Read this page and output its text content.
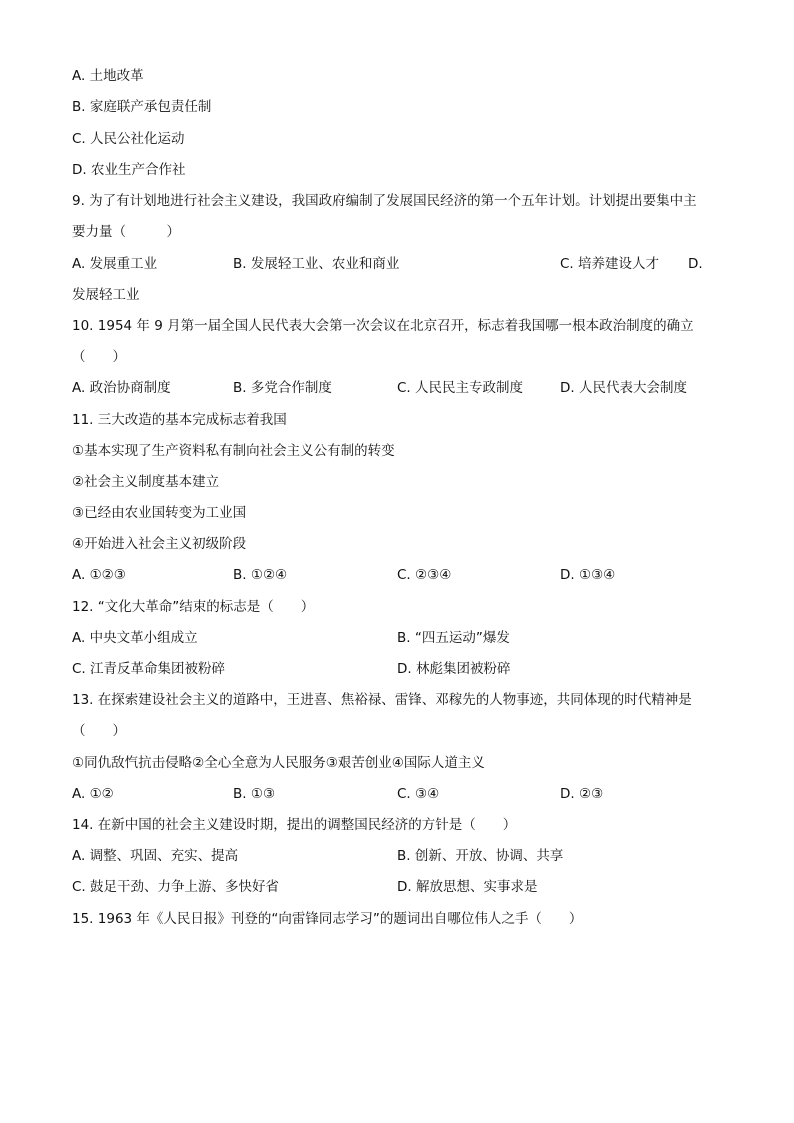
A. 土地改革
B. 家庭联产承包责任制
C. 人民公社化运动
D. 农业生产合作社
9. 为了有计划地进行社会主义建设，我国政府编制了发展国民经济的第一个五年计划。计划提出要集中主
要力量（　　　）
A. 发展重工业	B. 发展轻工业、农业和商业	C. 培养建设人才 D.
发展轻工业
10. 1954 年 9 月第一届全国人民代表大会第一次会议在北京召开，标志着我国哪一根本政治制度的确立
（　　）
A. 政治协商制度	B. 多党合作制度	C. 人民民主专政制度	D. 人民代表大会制度
11. 三大改造的基本完成标志着我国
①基本实现了生产资料私有制向社会主义公有制的转变
②社会主义制度基本建立
③已经由农业国转变为工业国
④开始进入社会主义初级阶段
A. ①②③	B. ①②④	C. ②③④	D. ①③④
12. “文化大革命”结束的标志是（　　）
A. 中央文革小组成立	B. “四五运动”爆发
C. 江青反革命集团被粉碎	D. 林彪集团被粉碎
13. 在探索建设社会主义的道路中，王进喜、焦裕禄、雷锋、邓稼先的人物事迹，共同体现的时代精神是
（　　）
①同仇敌忾抗击侵略②全心全意为人民服务③艰苦创业④国际人道主义
A. ①②	B. ①③	C. ③④	D. ②③
14. 在新中国的社会主义建设时期，提出的调整国民经济的方针是（　　）
A. 调整、巩固、充实、提高	B. 创新、开放、协调、共享
C. 鼓足干劲、力争上游、多快好省	D. 解放思想、实事求是
15. 1963 年《人民日报》刊登的“向雷锋同志学习”的题词出自哪位伟人之手（　　）
